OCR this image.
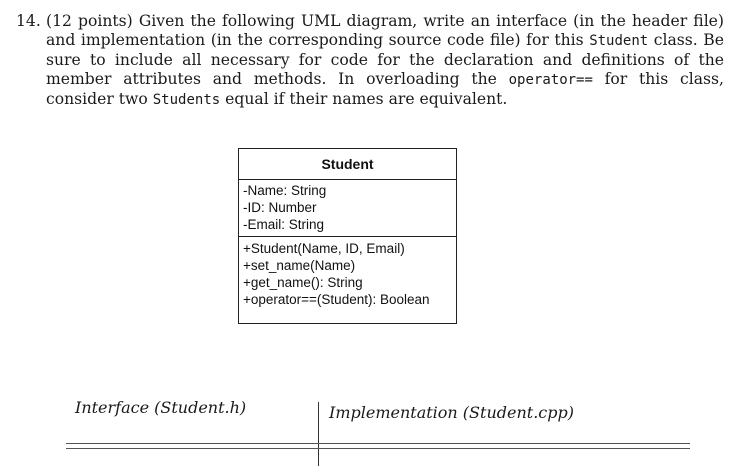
14. (12 points) Given the following UML diagram, write an interface (in the header file) and implementation (in the corresponding source code file) for this Student class. Be sure to include all necessary for code for the declaration and definitions of the member attributes and methods. In overloading the operator== for this class, consider two Students equal if their names are equivalent.
Student
-Name: String
-ID: Number
-Email: String
+Student(Name, ID, Email)
+set_name(Name)
+get_name(): String
+operator==(Student): Boolean
Interface (Student.h)	Implementation (Student.cpp)
